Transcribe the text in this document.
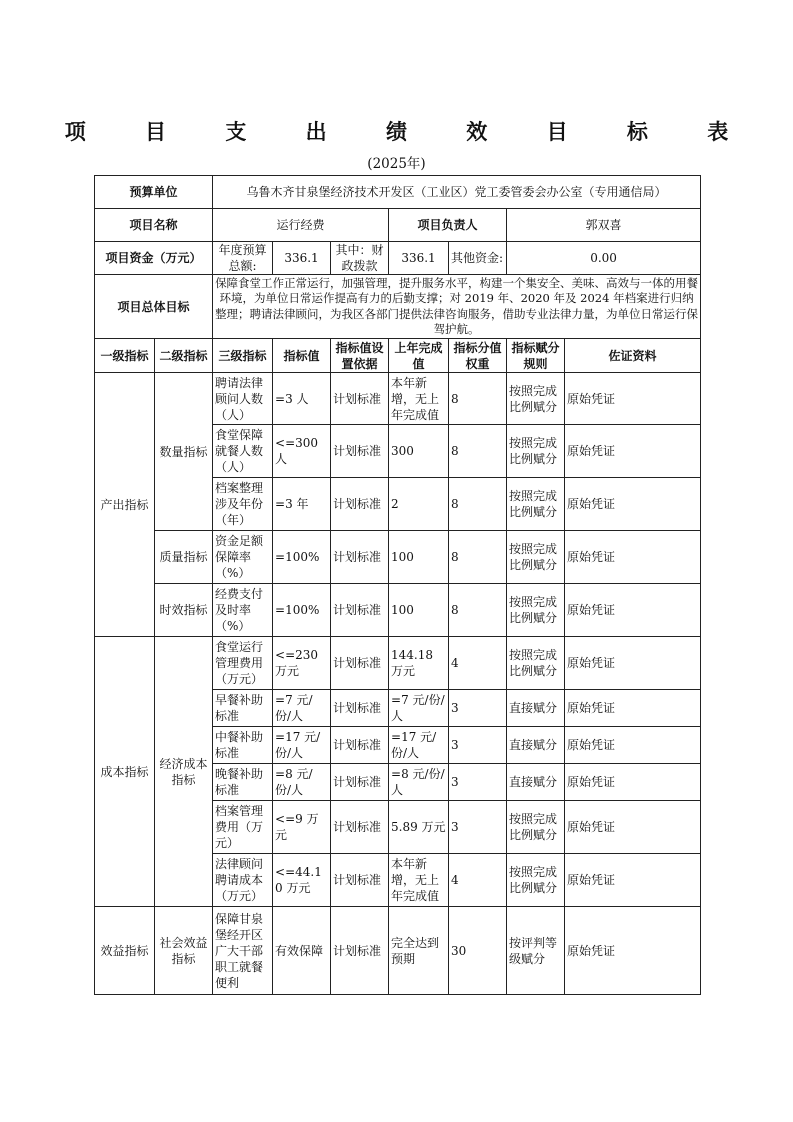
项 目 支 出 绩 效 目 标 表
(2025年)
预算单位		乌鲁木齐甘泉堡经济技术开发区（工业区）党工委管委会办公室（专用通信局）						
项目名称		运行经费			项目负责人		郭双喜	
项目资金（万元）		年度预算总额:	336.1	其中：财政拨款	336.1	其他资金:	0.00	
项目总体目标		保障食堂工作正常运行，加强管理，提升服务水平，构建一个集安全、美味、高效与一体的用餐环境，为单位日常运作提高有力的后勤支撑；对 2019 年、2020 年及 2024 年档案进行归纳整理；聘请法律顾问，为我区各部门提供法律咨询服务，借助专业法律力量，为单位日常运行保驾护航。						
一级指标	二级指标	三级指标	指标值	指标值设置依据	上年完成值	指标分值权重	指标赋分规则	佐证资料
产出指标	数量指标	聘请法律顾问人数（人）	=3 人	计划标准	本年新增，无上年完成值	8	按照完成比例赋分	原始凭证
		食堂保障就餐人数（人）	<=300 人	计划标准	300	8	按照完成比例赋分	原始凭证
		档案整理涉及年份（年）	=3 年	计划标准	2	8	按照完成比例赋分	原始凭证
	质量指标	资金足额保障率（%）	=100%	计划标准	100	8	按照完成比例赋分	原始凭证
	时效指标	经费支付及时率（%）	=100%	计划标准	100	8	按照完成比例赋分	原始凭证
成本指标	经济成本指标	食堂运行管理费用（万元）	<=230 万元	计划标准	144.18 万元	4	按照完成比例赋分	原始凭证
		早餐补助标准	=7 元/份/人	计划标准	=7 元/份/人	3	直接赋分	原始凭证
		中餐补助标准	=17 元/份/人	计划标准	=17 元/份/人	3	直接赋分	原始凭证
		晚餐补助标准	=8 元/份/人	计划标准	=8 元/份/人	3	直接赋分	原始凭证
		档案管理费用（万元）	<=9 万元	计划标准	5.89 万元	3	按照完成比例赋分	原始凭证
		法律顾问聘请成本（万元）	<=44.10 万元	计划标准	本年新增，无上年完成值	4	按照完成比例赋分	原始凭证
效益指标	社会效益指标	保障甘泉堡经开区广大干部职工就餐便利	有效保障	计划标准	完全达到预期	30	按评判等级赋分	原始凭证
